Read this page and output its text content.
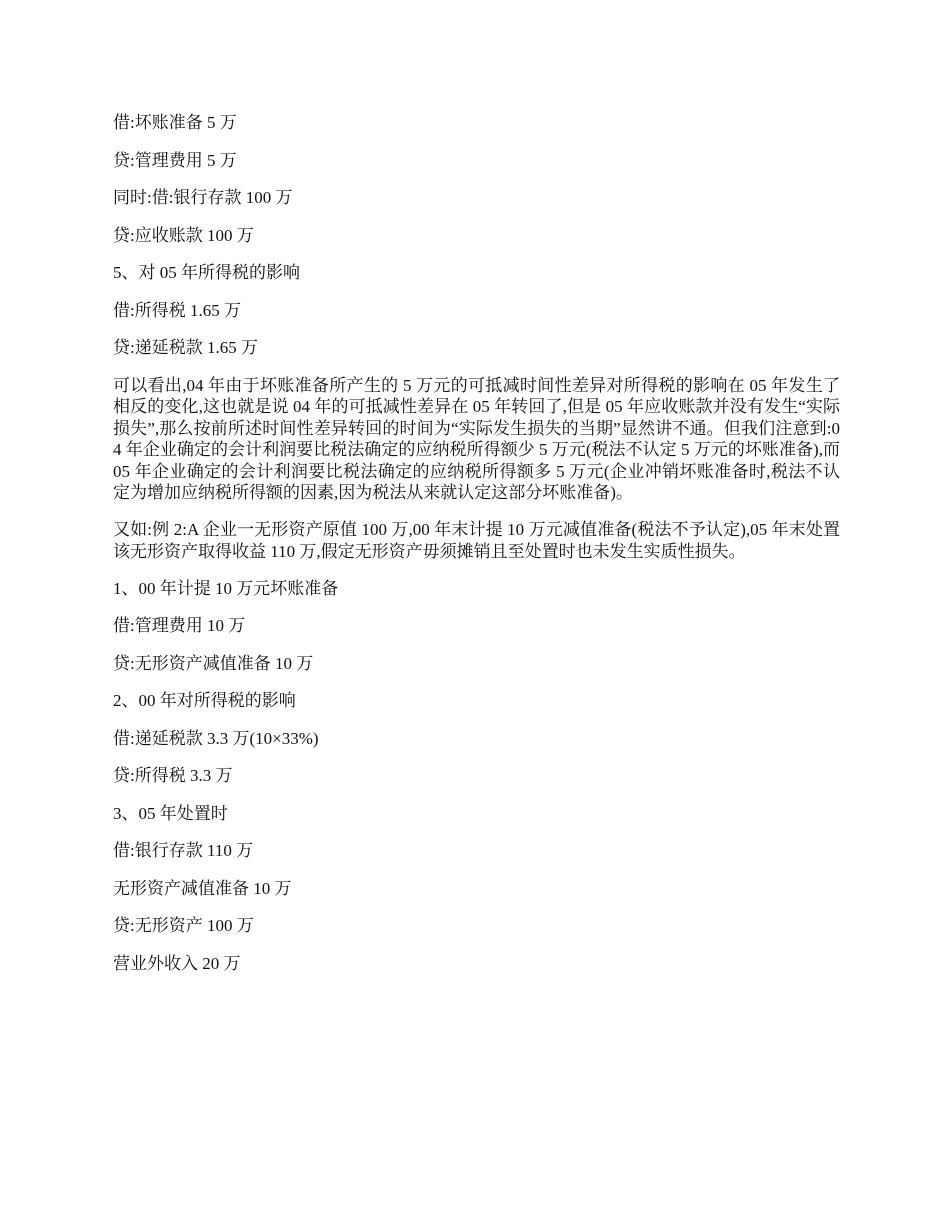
借:坏账准备 5 万

贷:管理费用 5 万

同时:借:银行存款 100 万

贷:应收账款 100 万

5、对 05 年所得税的影响

借:所得税 1.65 万

贷:递延税款 1.65 万

可以看出,04 年由于坏账准备所产生的 5 万元的可抵减时间性差异对所得税的影响在 05 年发生了相反的变化,这也就是说 04 年的可抵减性差异在 05 年转回了,但是 05 年应收账款并没有发生“实际损失”,那么按前所述时间性差异转回的时间为“实际发生损失的当期”显然讲不通。但我们注意到:04 年企业确定的会计利润要比税法确定的应纳税所得额少 5 万元(税法不认定 5 万元的坏账准备),而 05 年企业确定的会计利润要比税法确定的应纳税所得额多 5 万元(企业冲销坏账准备时,税法不认定为增加应纳税所得额的因素,因为税法从来就认定这部分坏账准备)。

又如:例 2:A 企业一无形资产原值 100 万,00 年末计提 10 万元减值准备(税法不予认定),05 年末处置该无形资产取得收益 110 万,假定无形资产毋须摊销且至处置时也未发生实质性损失。

1、00 年计提 10 万元坏账准备

借:管理费用 10 万

贷:无形资产减值准备 10 万

2、00 年对所得税的影响

借:递延税款 3.3 万(10×33%)

贷:所得税 3.3 万

3、05 年处置时

借:银行存款 110 万

无形资产减值准备 10 万

贷:无形资产 100 万

营业外收入 20 万
